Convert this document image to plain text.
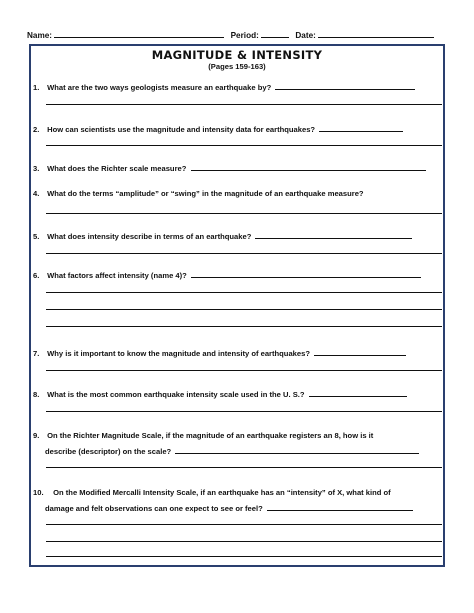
Name:	Period:	Date:
MAGNITUDE & INTENSITY
(Pages 159-163)
1. What are the two ways geologists measure an earthquake by?
2. How can scientists use the magnitude and intensity data for earthquakes?
3. What does the Richter scale measure?
4. What do the terms “amplitude” or “swing” in the magnitude of an earthquake measure?
5. What does intensity describe in terms of an earthquake?
6. What factors affect intensity (name 4)?
7. Why is it important to know the magnitude and intensity of earthquakes?
8. What is the most common earthquake intensity scale used in the U. S.?
9. On the Richter Magnitude Scale, if the magnitude of an earthquake registers an 8, how is it
describe (descriptor) on the scale?
10. On the Modified Mercalli Intensity Scale, if an earthquake has an “intensity” of X, what kind of
damage and felt observations can one expect to see or feel?
